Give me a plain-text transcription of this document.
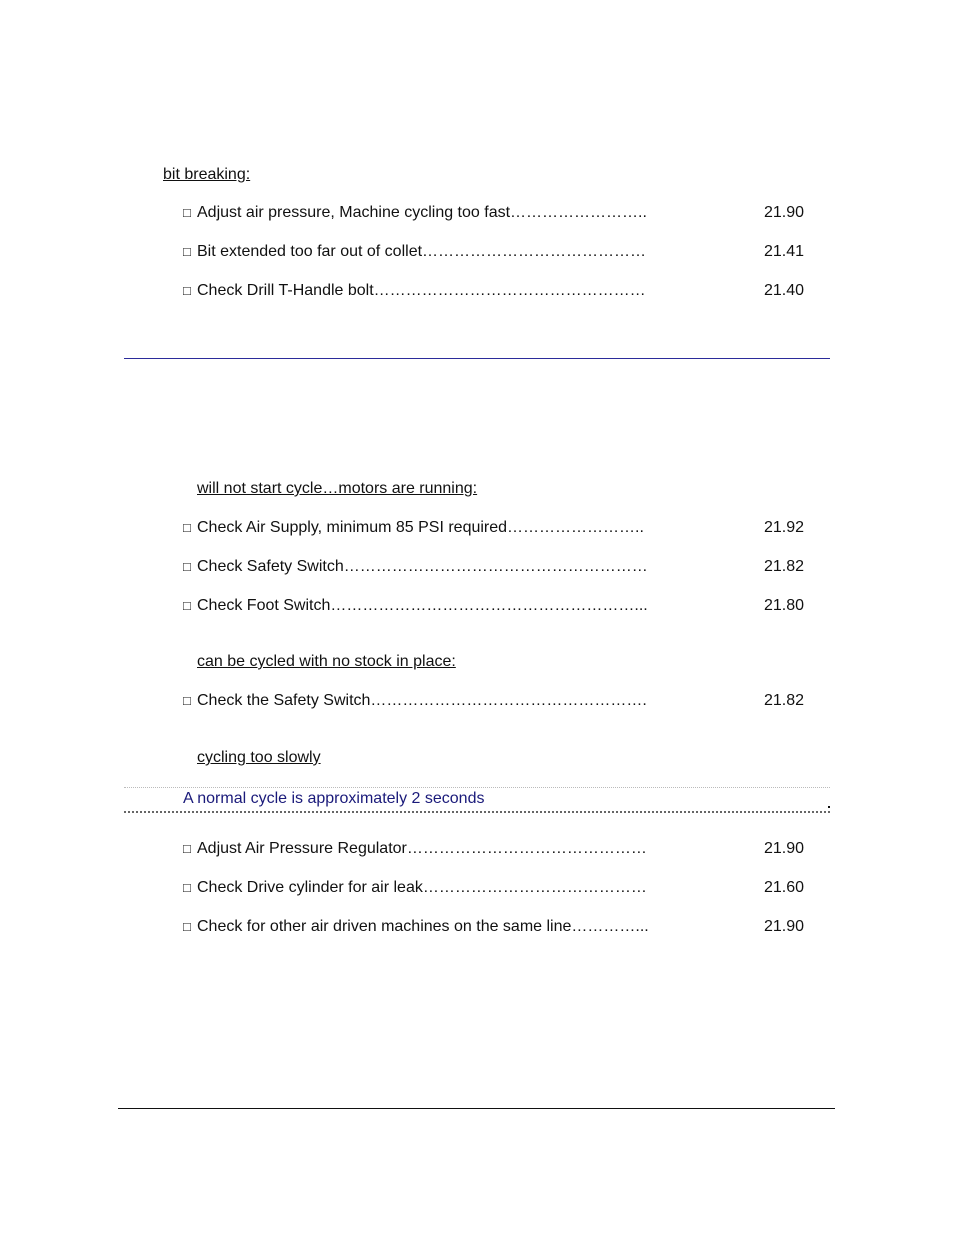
bit breaking:
□ Adjust air pressure, Machine cycling too fast……………………..	21.90
□ Bit extended too far out of collet……………………………………	21.41
□ Check Drill T-Handle bolt……………………………………………	21.40
will not start cycle…motors are running:
□ Check Air Supply, minimum 85 PSI required……………………..	21.92
□ Check Safety Switch…………………………………………………	21.82
□ Check Foot Switch…………………………………………………...	21.80
can be cycled with no stock in place:
□ Check the Safety Switch…………………………………………….	21.82
cycling too slowly
A normal cycle is approximately 2 seconds
□ Adjust Air Pressure Regulator………………………………………	21.90
□ Check Drive cylinder for air leak……………………………………	21.60
□ Check for other air driven machines on the same line…………...	21.90
